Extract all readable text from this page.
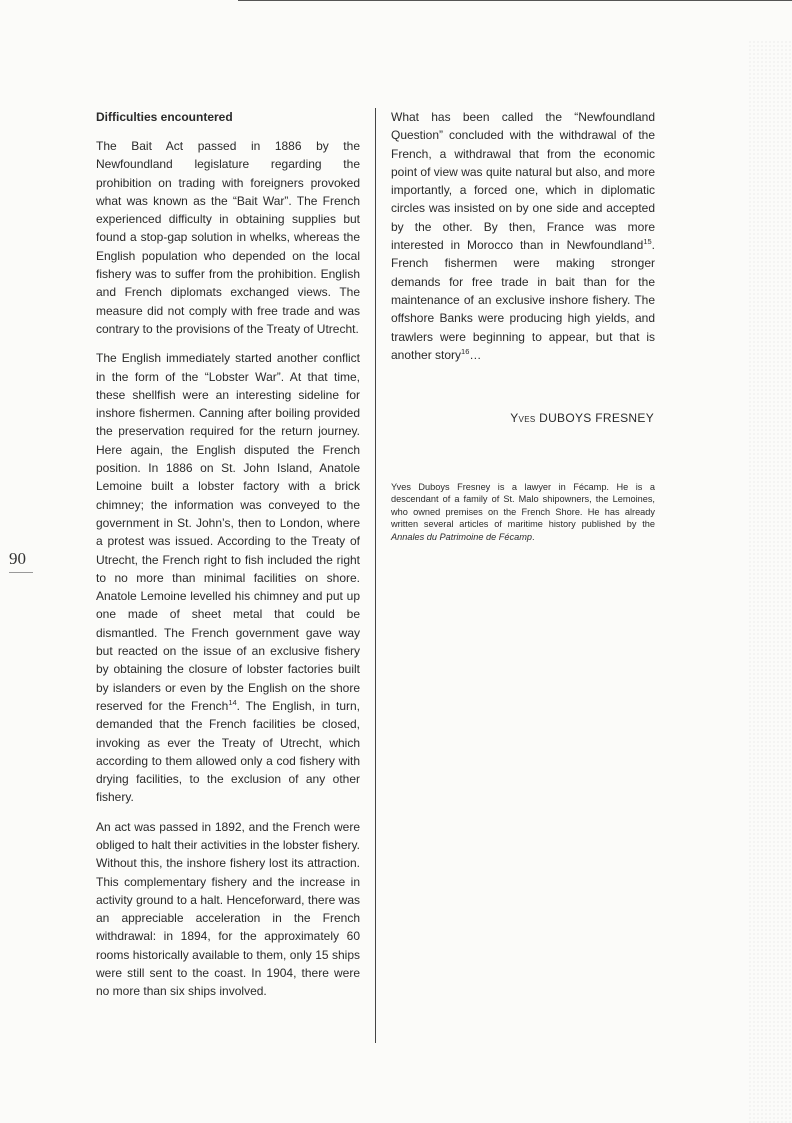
90
Difficulties encountered

The Bait Act passed in 1886 by the Newfoundland legislature regarding the prohibition on trading with foreigners provoked what was known as the “Bait War”. The French experienced difficulty in obtaining supplies but found a stop-gap solution in whelks, whereas the English population who depended on the local fishery was to suffer from the prohibition. English and French diplomats exchanged views. The measure did not comply with free trade and was contrary to the provisions of the Treaty of Utrecht.

The English immediately started another conflict in the form of the “Lobster War”. At that time, these shellfish were an interesting sideline for inshore fishermen. Canning after boiling provided the preservation required for the return journey. Here again, the English disputed the French position. In 1886 on St. John Island, Anatole Lemoine built a lobster factory with a brick chimney; the information was conveyed to the government in St. John’s, then to London, where a protest was issued. According to the Treaty of Utrecht, the French right to fish included the right to no more than minimal facilities on shore. Anatole Lemoine levelled his chimney and put up one made of sheet metal that could be dismantled. The French government gave way but reacted on the issue of an exclusive fishery by obtaining the closure of lobster factories built by islanders or even by the English on the shore reserved for the French$^{14}$. The English, in turn, demanded that the French facilities be closed, invoking as ever the Treaty of Utrecht, which according to them allowed only a cod fishery with drying facilities, to the exclusion of any other fishery.

An act was passed in 1892, and the French were obliged to halt their activities in the lobster fishery. Without this, the inshore fishery lost its attraction. This complementary fishery and the increase in activity ground to a halt. Henceforward, there was an appreciable acceleration in the French withdrawal: in 1894, for the approximately 60 rooms historically available to them, only 15 ships were still sent to the coast. In 1904, there were no more than six ships involved.

What has been called the “Newfoundland Question” concluded with the withdrawal of the French, a withdrawal that from the economic point of view was quite natural but also, and more importantly, a forced one, which in diplomatic circles was insisted on by one side and accepted by the other. By then, France was more interested in Morocco than in Newfoundland$^{15}$. French fishermen were making stronger demands for free trade in bait than for the maintenance of an exclusive inshore fishery. The offshore Banks were producing high yields, and trawlers were beginning to appear, but that is another story$^{16}$…

Yves DUBOYS FRESNEY
Yves Duboys Fresney is a lawyer in Fécamp. He is a descendant of a family of St. Malo shipowners, the Lemoines, who owned premises on the French Shore. He has already written several articles of maritime history published by the Annales du Patrimoine de Fécamp.
